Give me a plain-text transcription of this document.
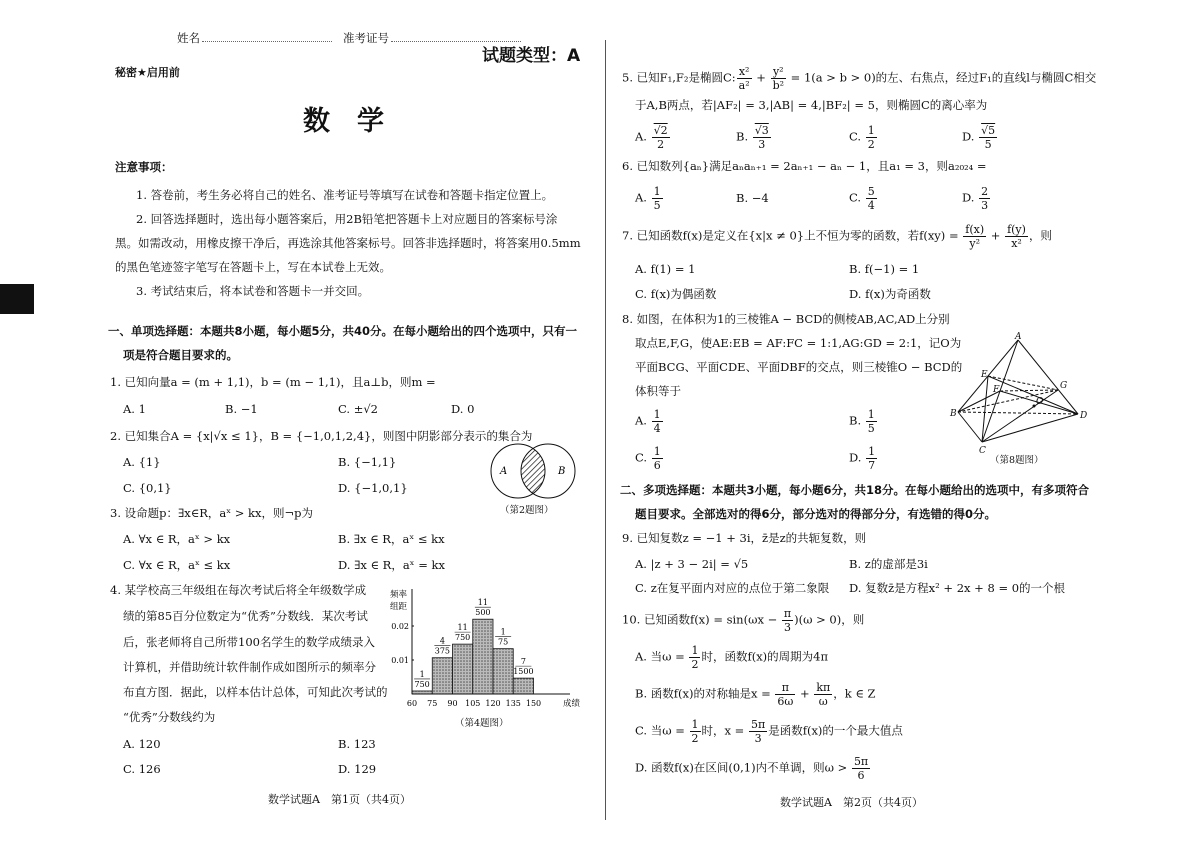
姓名	准考证号
试题类型：A
秘密★启用前
数　学
注意事项：
1. 答卷前，考生务必将自己的姓名、准考证号等填写在试卷和答题卡指定位置上。
2. 回答选择题时，选出每小题答案后，用2B铅笔把答题卡上对应题目的答案标号涂
黑。如需改动，用橡皮擦干净后，再选涂其他答案标号。回答非选择题时，将答案用0.5mm
的黑色笔迹签字笔写在答题卡上，写在本试卷上无效。
3. 考试结束后，将本试卷和答题卡一并交回。
一、单项选择题：本题共8小题，每小题5分，共40分。在每小题给出的四个选项中，只有一
项是符合题目要求的。
1. 已知向量a = (m + 1,1)，b = (m − 1,1)，且a⊥b，则m =
A. 1	B. −1	C. ±√2	D. 0
2. 已知集合A = {x|√x ≤ 1}，B = {−1,0,1,2,4}，则图中阴影部分表示的集合为
A. {1}	B. {−1,1}
C. {0,1}	D. {−1,0,1}
A	B
（第2题图）
3. 设命题p：∃x∈R，aˣ > kx，则¬p为
A. ∀x ∈ R，aˣ > kx	B. ∃x ∈ R，aˣ ≤ kx
C. ∀x ∈ R，aˣ ≤ kx	D. ∃x ∈ R，aˣ = kx
4. 某学校高三年级组在每次考试后将全年级数学成
绩的第85百分位数定为“优秀”分数线．某次考试
后，张老师将自己所带100名学生的数学成绩录入
计算机，并借助统计软件制作成如图所示的频率分
布直方图．据此，以样本估计总体，可知此次考试的
“优秀”分数线约为
A. 120	B. 123
C. 126	D. 129
1
750
4
375
11
750
11
500
1
75
7
1500
0.01
0.02
60 75 90 105 120 135 150	成绩
频率
组距
（第4题图）
数学试题A　第1页（共4页）
5. 已知F₁,F₂是椭圆C: $\frac{\text{x²}}{\text{a²}} + \frac{\text{y²}}{\text{b²}} = 1(a > b > 0)$的左、右焦点，经过F₁的直线l与椭圆C相交
于A,B两点，若|AF₂| = 3,|AB| = 4,|BF₂| = 5，则椭圆C的离心率为
A. $\frac{√2}{2}$	B. $\frac{√3}{3}$	C. $\frac{1}{2}$	D. $\frac{√5}{5}$
6. 已知数列{aₙ}满足aₙaₙ₊₁ = 2aₙ₊₁ − aₙ − 1，且a₁ = 3，则a₂₀₂₄ =
A. $\frac{1}{5}$	B. −4	C. $\frac{5}{4}$	D. $\frac{2}{3}$
7. 已知函数f(x)是定义在{x|x ≠ 0}上不恒为零的函数，若$f(xy) = \frac{f(x)}{\text{y²}} + \frac{f(y)}{\text{x²}}$ ，则
A. f(1) = 1	B. f(−1) = 1
C. f(x)为偶函数	D. f(x)为奇函数
8. 如图，在体积为1的三棱锥A − BCD的侧棱AB,AC,AD上分别
取点E,F,G，使AE:EB = AF:FC = 1:1,AG:GD = 2:1，记O为
平面BCG、平面CDE、平面DBF的交点，则三棱锥O − BCD的
体积等于
A. $\frac{1}{4}$	B. $\frac{1}{5}$
C. $\frac{1}{6}$	D. $\frac{1}{7}$
A
B
C
D
E
F	G
O
（第8题图）
二、多项选择题：本题共3小题，每小题6分，共18分。在每小题给出的选项中，有多项符合
题目要求。全部选对的得6分，部分选对的得部分分，有选错的得0分。
9. 已知复数z = −1 + 3i，z̄是z的共轭复数，则
A. |z + 3 − 2i| = √5	B. z的虚部是3i
C. z在复平面内对应的点位于第二象限 D. 复数z̄是方程x² + 2x + 8 = 0的一个根
10. 已知函数$f(x) = \sin(\omega x - \frac{\pi}{3} )(\omega > 0)$，则
A. 当$\omega = \frac{1}{2}$ 时，函数f(x)的周期为4π
B. 函数f(x)的对称轴是$x = \frac{\pi}{6\omega} + \frac{k\pi}{\omega}$ ，k ∈ Z
C. 当$\omega = \frac{1}{2}$ 时，$x = \frac{5\pi}{3}$ 是函数f(x)的一个最大值点
D. 函数f(x)在区间(0,1)内不单调，则$\omega > \frac{5\pi}{6}$
数学试题A　第2页（共4页）
